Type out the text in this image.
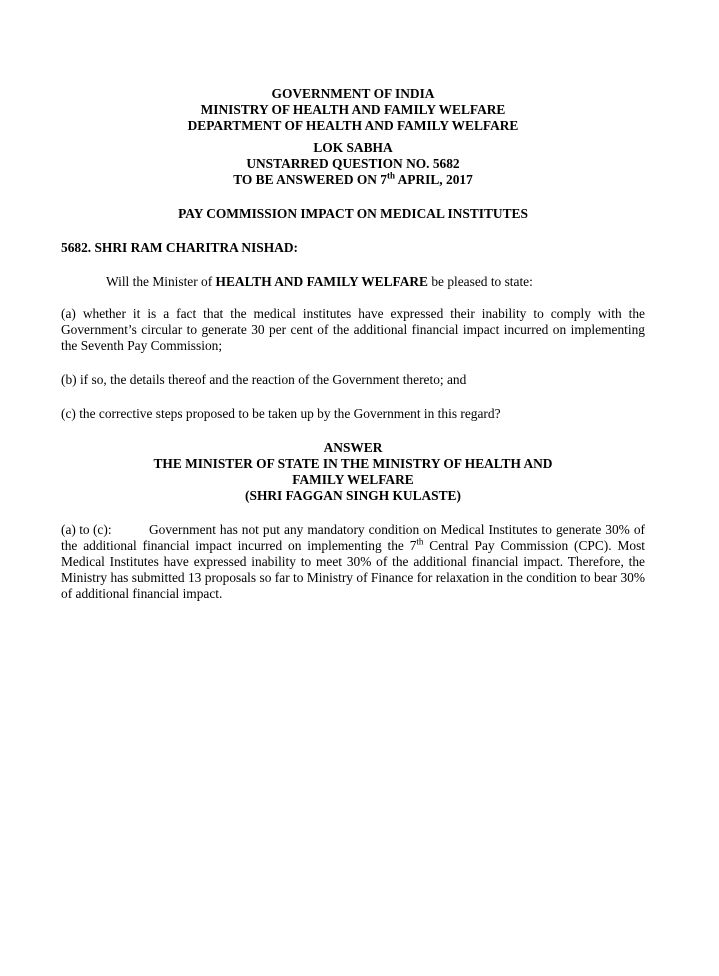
GOVERNMENT OF INDIA
MINISTRY OF HEALTH AND FAMILY WELFARE
DEPARTMENT OF HEALTH AND FAMILY WELFARE
LOK SABHA
UNSTARRED QUESTION NO. 5682
TO BE ANSWERED ON 7th APRIL, 2017
PAY COMMISSION IMPACT ON MEDICAL INSTITUTES
5682. SHRI RAM CHARITRA NISHAD:

Will the Minister of HEALTH AND FAMILY WELFARE be pleased to state:

(a) whether it is a fact that the medical institutes have expressed their inability to comply with the Government’s circular to generate 30 per cent of the additional financial impact incurred on implementing the Seventh Pay Commission;

(b) if so, the details thereof and the reaction of the Government thereto; and

(c) the corrective steps proposed to be taken up by the Government in this regard?

ANSWER
THE MINISTER OF STATE IN THE MINISTRY OF HEALTH AND
FAMILY WELFARE
(SHRI FAGGAN SINGH KULASTE)

(a) to (c):	Government has not put any mandatory condition on Medical Institutes to generate 30% of the additional financial impact incurred on implementing the 7th Central Pay Commission (CPC). Most Medical Institutes have expressed inability to meet 30% of the additional financial impact. Therefore, the Ministry has submitted 13 proposals so far to Ministry of Finance for relaxation in the condition to bear 30% of additional financial impact.
